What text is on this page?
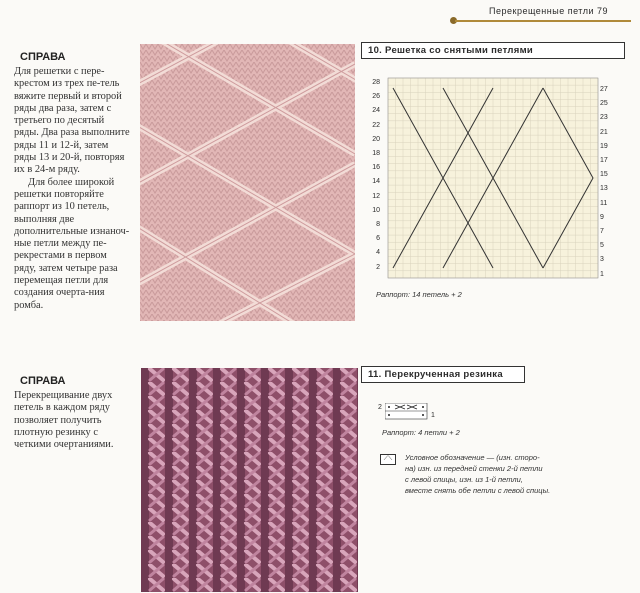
Перекрещенные петли 79
СПРАВА

Для решетки с пере-крестом из трех пе-тель вяжите первый и второй ряды два раза, затем с третьего по десятый ряды. Два раза выполните ряды 11 и 12-й, затем ряды 13 и 20-й, повторяя их в 24-м ряду.

Для более широкой решетки повторяйте раппорт из 10 петель, выполняя две дополнительные изнаноч-ные петли между пе-рекрестами в первом ряду, затем четыре раза перемещая петли для создания очерта-ния ромба.

10. Решетка со снятыми петлями
28
26
24
22
20
18
16
14
12
10
8
6
4
2
27
25
23
21
19
17
15
13
11
9
7
5
3
1
Раппорт: 14 петель + 2
СПРАВА

Перекрещивание двух петель в каждом ряду позволяет получить плотную резинку с четкими очертаниями.

11. Перекрученная резинка
2
1
Раппорт: 4 петли + 2
⟋⟍	Условное обозначение — (изн. сторо-
на) изн. из передней стенки 2-й петли
с левой спицы, изн. из 1-й петли,
вместе снять обе петли с левой спицы.
